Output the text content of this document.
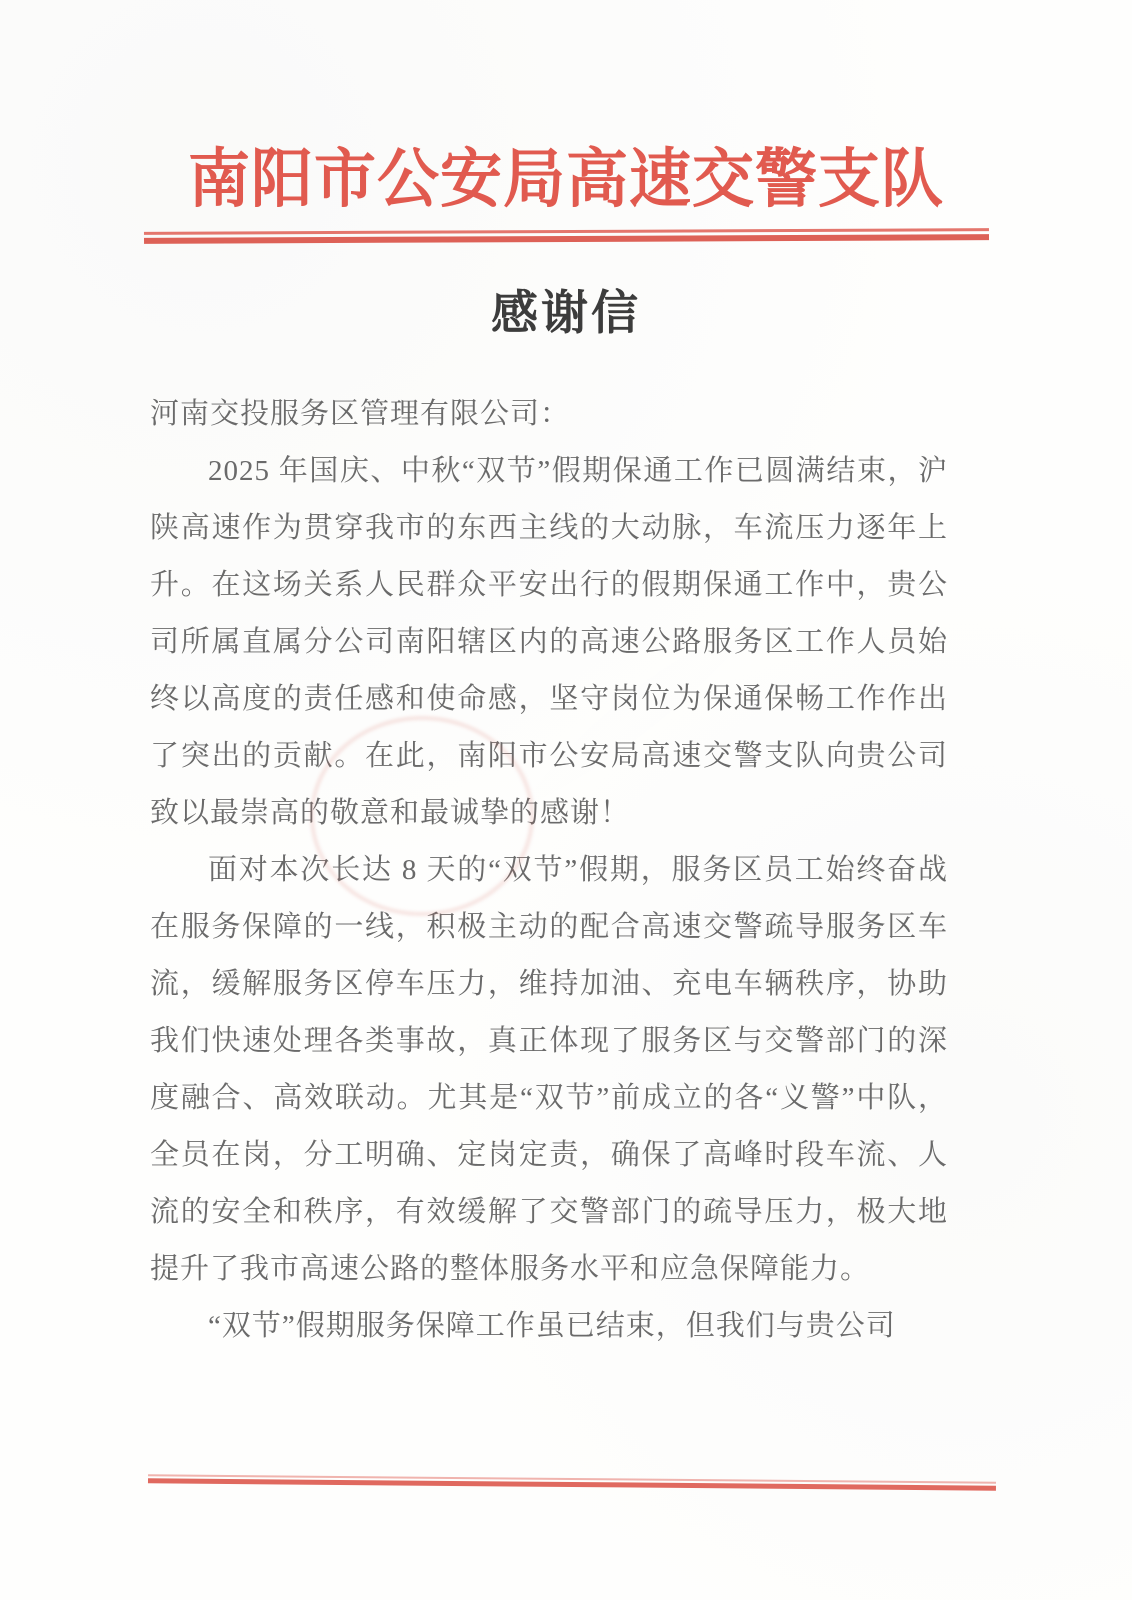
南阳市公安局高速交警支队
感谢信

河南交投服务区管理有限公司：

2025 年国庆、中秋“双节”假期保通工作已圆满结束，沪陕高速作为贯穿我市的东西主线的大动脉，车流压力逐年上升。在这场关系人民群众平安出行的假期保通工作中，贵公司所属直属分公司南阳辖区内的高速公路服务区工作人员始终以高度的责任感和使命感，坚守岗位为保通保畅工作作出了突出的贡献。在此，南阳市公安局高速交警支队向贵公司致以最崇高的敬意和最诚挚的感谢！

面对本次长达 8 天的“双节”假期，服务区员工始终奋战在服务保障的一线，积极主动的配合高速交警疏导服务区车流，缓解服务区停车压力，维持加油、充电车辆秩序，协助我们快速处理各类事故，真正体现了服务区与交警部门的深度融合、高效联动。尤其是“双节”前成立的各“义警”中队，全员在岗，分工明确、定岗定责，确保了高峰时段车流、人流的安全和秩序，有效缓解了交警部门的疏导压力，极大地提升了我市高速公路的整体服务水平和应急保障能力。

“双节”假期服务保障工作虽已结束，但我们与贵公司
